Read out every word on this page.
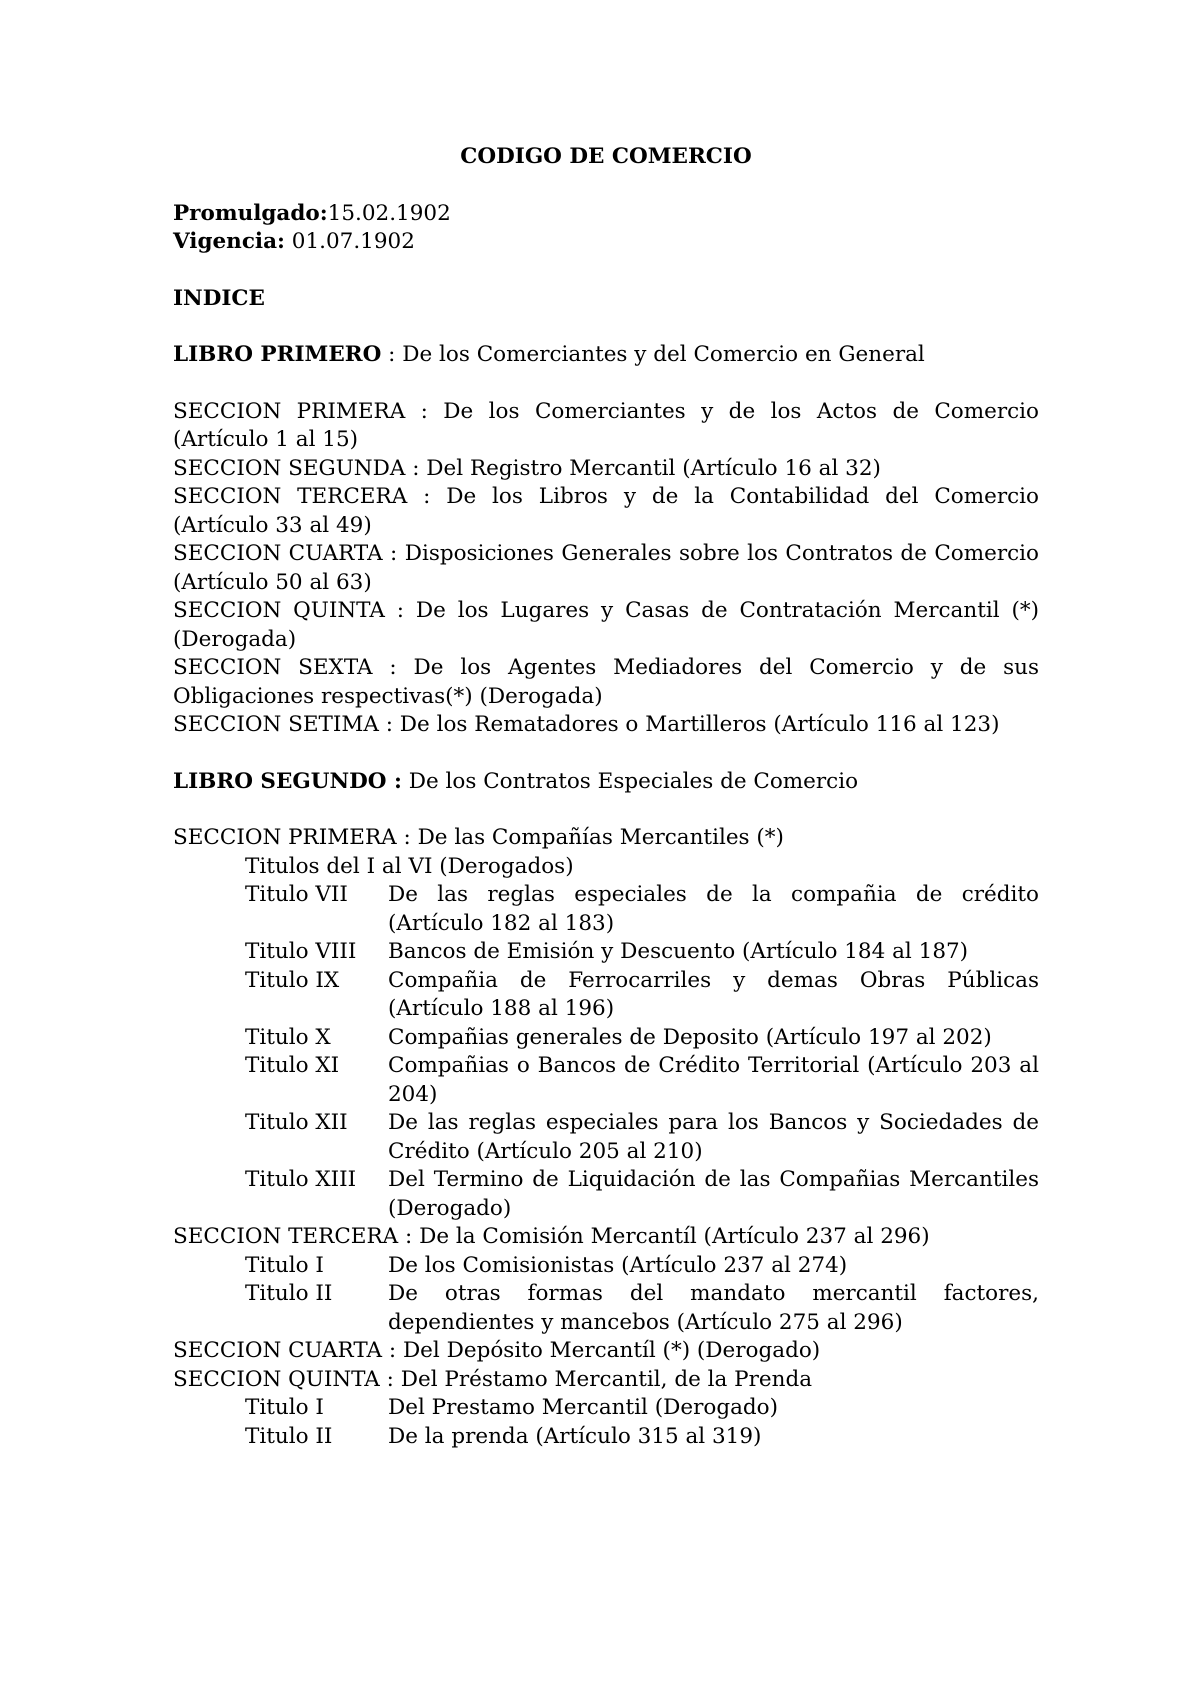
CODIGO DE COMERCIO

Promulgado:15.02.1902

Vigencia: 01.07.1902

INDICE

LIBRO PRIMERO : De los Comerciantes y del Comercio en General

SECCION PRIMERA : De los Comerciantes y de los Actos de Comercio (Artículo 1 al 15)

SECCION SEGUNDA : Del Registro Mercantil (Artículo 16 al 32)

SECCION TERCERA : De los Libros y de la Contabilidad del Comercio (Artículo 33 al 49)

SECCION CUARTA : Disposiciones Generales sobre los Contratos de Comercio (Artículo 50 al 63)

SECCION QUINTA : De los Lugares y Casas de Contratación Mercantil (*)(Derogada)

SECCION SEXTA : De los Agentes Mediadores del Comercio y de sus Obligaciones respectivas(*) (Derogada)

SECCION SETIMA : De los Rematadores o Martilleros (Artículo 116 al 123)

LIBRO SEGUNDO : De los Contratos Especiales de Comercio

SECCION PRIMERA : De las Compañías Mercantiles (*)

Titulos del I al VI (Derogados)

Titulo VII	De las reglas especiales de la compañia de crédito (Artículo 182 al 183)
Titulo VIII	Bancos de Emisión y Descuento (Artículo 184 al 187)
Titulo IX	Compañia de Ferrocarriles y demas Obras Públicas (Artículo 188 al 196)
Titulo X	Compañias generales de Deposito (Artículo 197 al 202)
Titulo XI	Compañias o Bancos de Crédito Territorial (Artículo 203 al 204)
Titulo XII	De las reglas especiales para los Bancos y Sociedades de Crédito (Artículo 205 al 210)
Titulo XIII	Del Termino de Liquidación de las Compañias Mercantiles (Derogado)

SECCION TERCERA : De la Comisión Mercantíl (Artículo 237 al 296)

Titulo I	De los Comisionistas (Artículo 237 al 274)
Titulo II	De otras formas del mandato mercantil factores, dependientes y mancebos (Artículo 275 al 296)

SECCION CUARTA : Del Depósito Mercantíl (*) (Derogado)

SECCION QUINTA : Del Préstamo Mercantil, de la Prenda

Titulo I	Del Prestamo Mercantil (Derogado)
Titulo II	De la prenda (Artículo 315 al 319)
